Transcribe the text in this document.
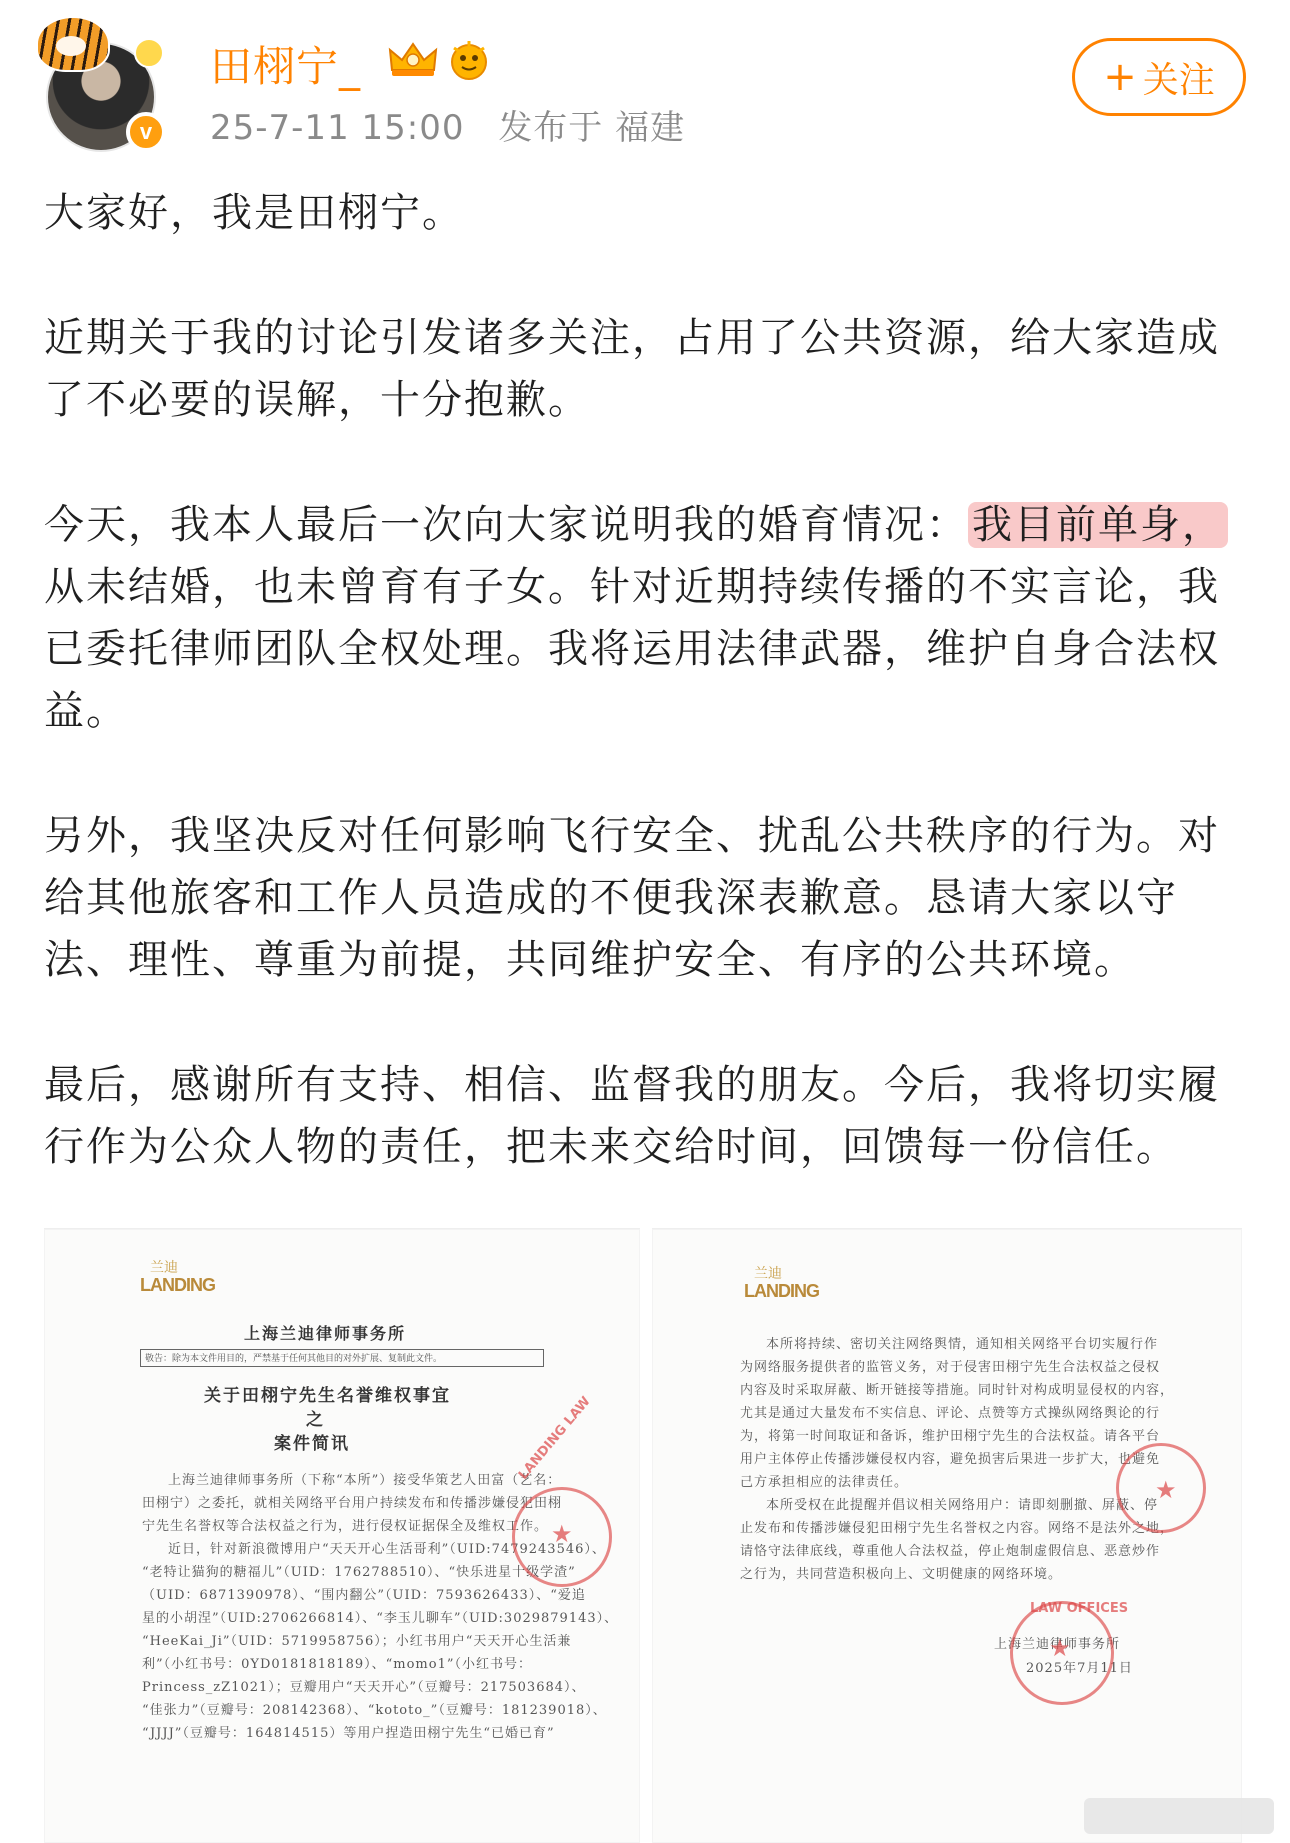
v
田栩宁_
25-7-11 15:00 发布于 福建
+ 关注

大家好，我是田栩宁。

近期关于我的讨论引发诸多关注，占用了公共资源，给大家造成了不必要的误解，十分抱歉。

今天，我本人最后一次向大家说明我的婚育情况： 我目前单身，从未结婚，也未曾育有子女。针对近期持续传播的不实言论，我已委托律师团队全权处理。我将运用法律武器，维护自身合法权益。

另外，我坚决反对任何影响飞行安全、扰乱公共秩序的行为。对给其他旅客和工作人员造成的不便我深表歉意。恳请大家以守法、理性、尊重为前提，共同维护安全、有序的公共环境。

最后，感谢所有支持、相信、监督我的朋友。今后，我将切实履行作为公众人物的责任，把未来交给时间，回馈每一份信任。

兰迪
LANDING
上海兰迪律师事务所
敬告：除为本文件用目的，严禁基于任何其他目的对外扩展、复制此文件。
关于田栩宁先生名誉维权事宜
之
案件简讯
上海兰迪律师事务所（下称“本所”）接受华策艺人田富（艺名：
田栩宁）之委托，就相关网络平台用户持续发布和传播涉嫌侵犯田栩
宁先生名誉权等合法权益之行为，进行侵权证据保全及维权工作。
近日，针对新浪微博用户“天天开心生活哥利”（UID:7479243546）、
“老特让猫狗的糖福儿”（UID：1762788510）、“快乐进星十级学渣”
（UID：6871390978）、“围内翻公”（UID：7593626433）、“爱追
星的小胡涅”（UID:2706266814）、“李玉儿聊车”（UID:3029879143）、
“HeeKai_Ji”（UID：5719958756）；小红书用户“天天开心生活兼
利”（小红书号：0YD0181818189）、“momo1”（小红书号：
Princess_zZ1021）；豆瓣用户“天天开心”（豆瓣号：217503684）、
“佳张力”（豆瓣号：208142368）、“kototo_”（豆瓣号：181239018）、
“JJJJ”（豆瓣号：164814515）等用户捏造田栩宁先生“已婚已育”
★
LANDING LAW
兰迪
LANDING
本所将持续、密切关注网络舆情，通知相关网络平台切实履行作
为网络服务提供者的监管义务，对于侵害田栩宁先生合法权益之侵权
内容及时采取屏蔽、断开链接等措施。同时针对构成明显侵权的内容，
尤其是通过大量发布不实信息、评论、点赞等方式操纵网络舆论的行
为，将第一时间取证和备诉，维护田栩宁先生的合法权益。请各平台
用户主体停止传播涉嫌侵权内容，避免损害后果进一步扩大，也避免
己方承担相应的法律责任。
本所受权在此提醒并倡议相关网络用户：请即刻删撤、屏蔽、停
止发布和传播涉嫌侵犯田栩宁先生名誉权之内容。网络不是法外之地，
请恪守法律底线，尊重他人合法权益，停止炮制虚假信息、恶意炒作
之行为，共同营造积极向上、文明健康的网络环境。
上海兰迪律师事务所
2025年7月11日
★
★
LAW OFFICES
